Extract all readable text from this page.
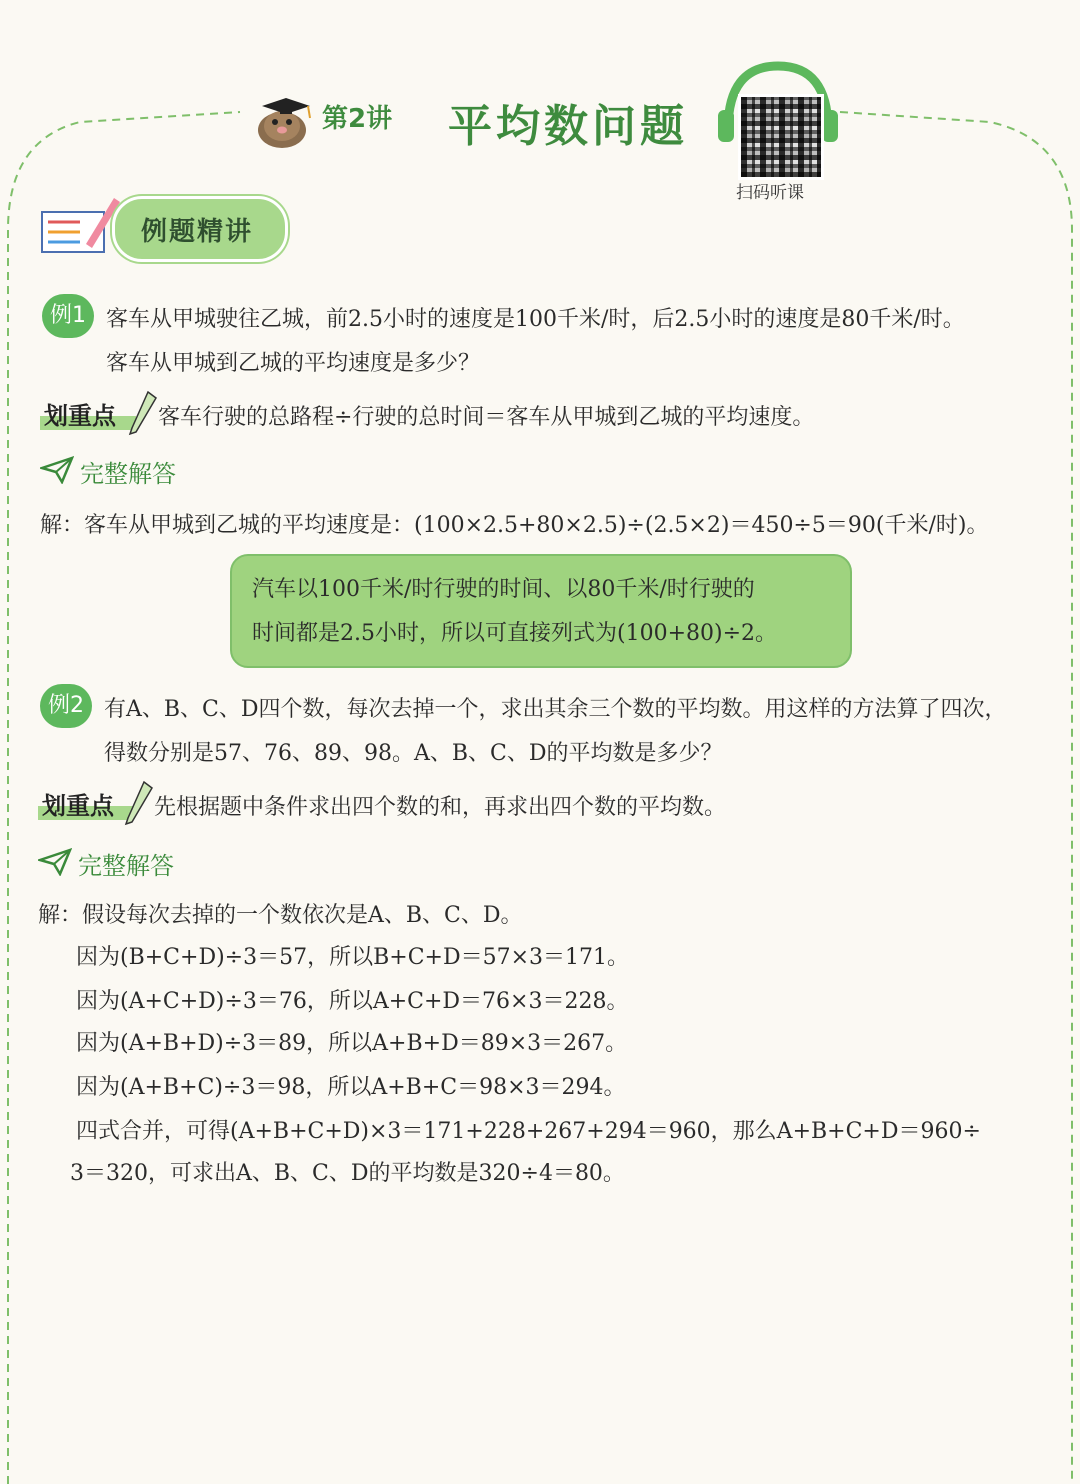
第2讲 平均数问题
扫码听课
例题精讲
例1 客车从甲城驶往乙城，前2.5小时的速度是100千米/时，后2.5小时的速度是80千米/时。
客车从甲城到乙城的平均速度是多少？
划重点 客车行驶的总路程÷行驶的总时间＝客车从甲城到乙城的平均速度。
完整解答
解：客车从甲城到乙城的平均速度是：(100×2.5+80×2.5)÷(2.5×2)＝450÷5＝90(千米/时)。
汽车以100千米/时行驶的时间、以80千米/时行驶的
时间都是2.5小时，所以可直接列式为(100+80)÷2。
例2 有A、B、C、D四个数，每次去掉一个，求出其余三个数的平均数。用这样的方法算了四次，
得数分别是57、76、89、98。A、B、C、D的平均数是多少？
划重点 先根据题中条件求出四个数的和，再求出四个数的平均数。
完整解答
解：假设每次去掉的一个数依次是A、B、C、D。
因为(B+C+D)÷3＝57，所以B+C+D＝57×3＝171。
因为(A+C+D)÷3＝76，所以A+C+D＝76×3＝228。
因为(A+B+D)÷3＝89，所以A+B+D＝89×3＝267。
因为(A+B+C)÷3＝98，所以A+B+C＝98×3＝294。
四式合并，可得(A+B+C+D)×3＝171+228+267+294＝960，那么A+B+C+D＝960÷
3＝320，可求出A、B、C、D的平均数是320÷4＝80。
